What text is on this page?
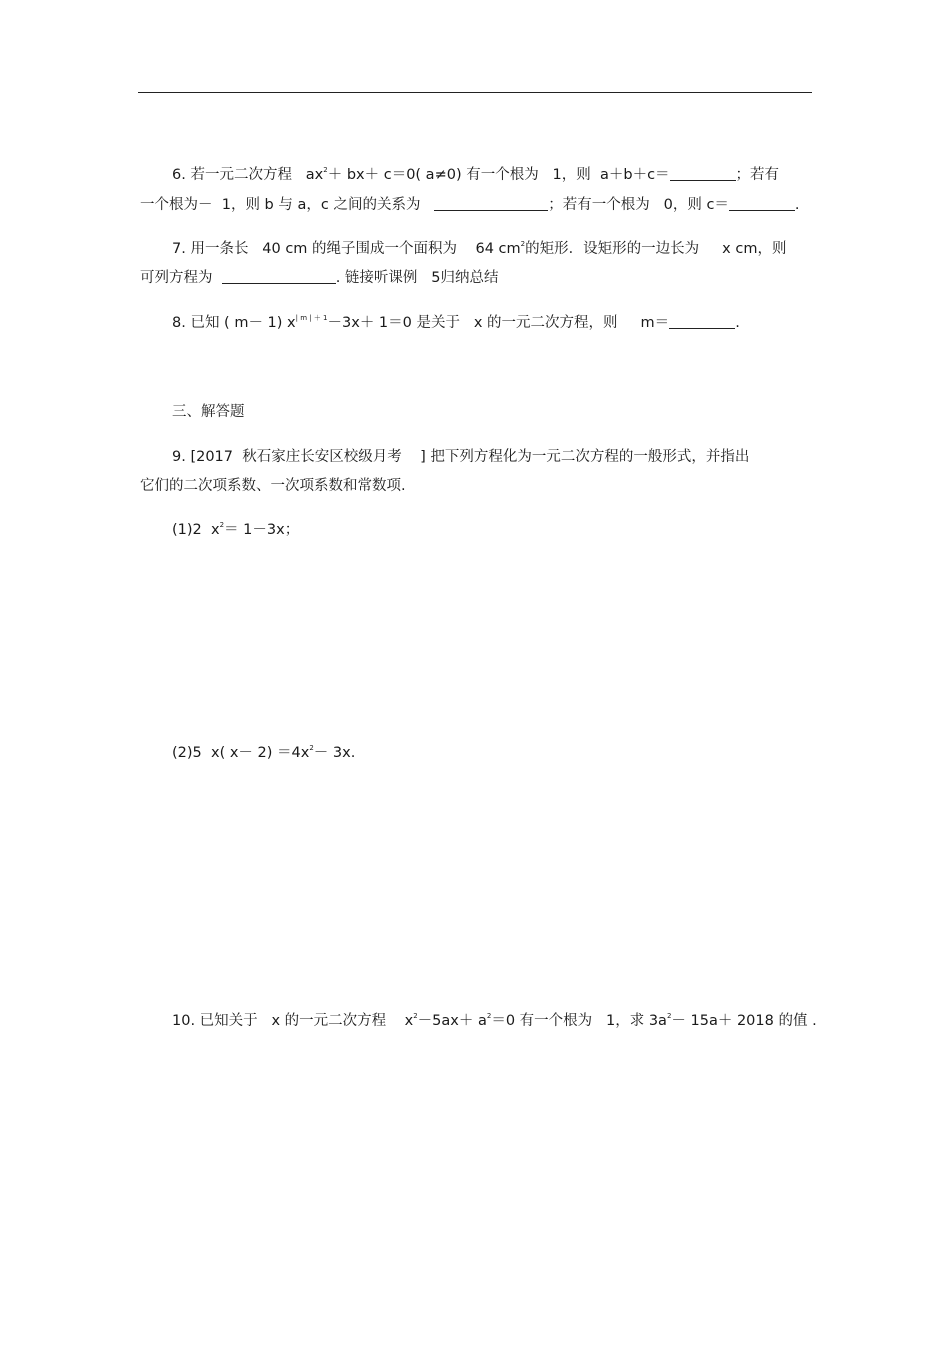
6. 若一元二次方程   $ax^2+ bx+ c=0$( a≠0) 有一个根为   1，则  a＋b＋c＝	；若有
一个根为－  1，则 b 与 a，c 之间的关系为	；若有一个根为   0，则 c＝	.
7. 用一条长   40 cm 的绳子围成一个面积为    64 $cm^2$的矩形．设矩形的一边长为     x cm，则
可列方程为	. 链接听课例   5归纳总结
8. 已知 ( m－ 1) $x^{| m | + 1}-3x+ 1=0$ 是关于   x 的一元二次方程，则     m＝	.
三、解答题
9. [2017  秋石家庄长安区校级月考    ] 把下列方程化为一元二次方程的一般形式，并指出
它们的二次项系数、一次项系数和常数项.
(1)2  $x^2= 1-3x$；
(2)5  x( $x- 2) =4x^2- 3x$.
10. 已知关于   x 的一元二次方程    $x^2-5ax+ a^2=0$ 有一个根为   1，求 $3a^2- 15a+ 2018$ 的值 .
